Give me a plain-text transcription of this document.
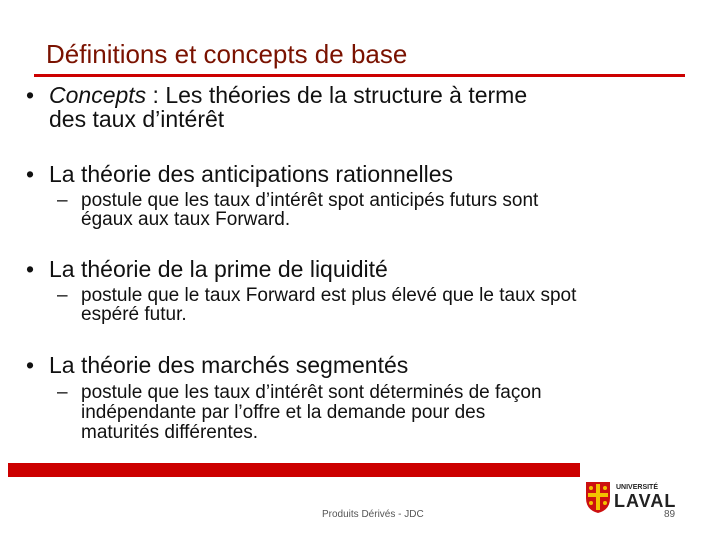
Définitions et concepts de base
• Concepts : Les théories de la structure à terme
des taux d’intérêt
• La théorie des anticipations rationnelles
– postule que les taux d’intérêt spot anticipés futurs sont
égaux aux taux Forward.
• La théorie de la prime de liquidité
– postule que le taux Forward est plus élevé que le taux spot
espéré futur.
• La théorie des marchés segmentés
– postule que les taux d’intérêt sont déterminés de façon
indépendante par l’offre et la demande pour des
maturités différentes.
UNIVERSITÉ
LAVAL
Produits Dérivés - JDC	89
